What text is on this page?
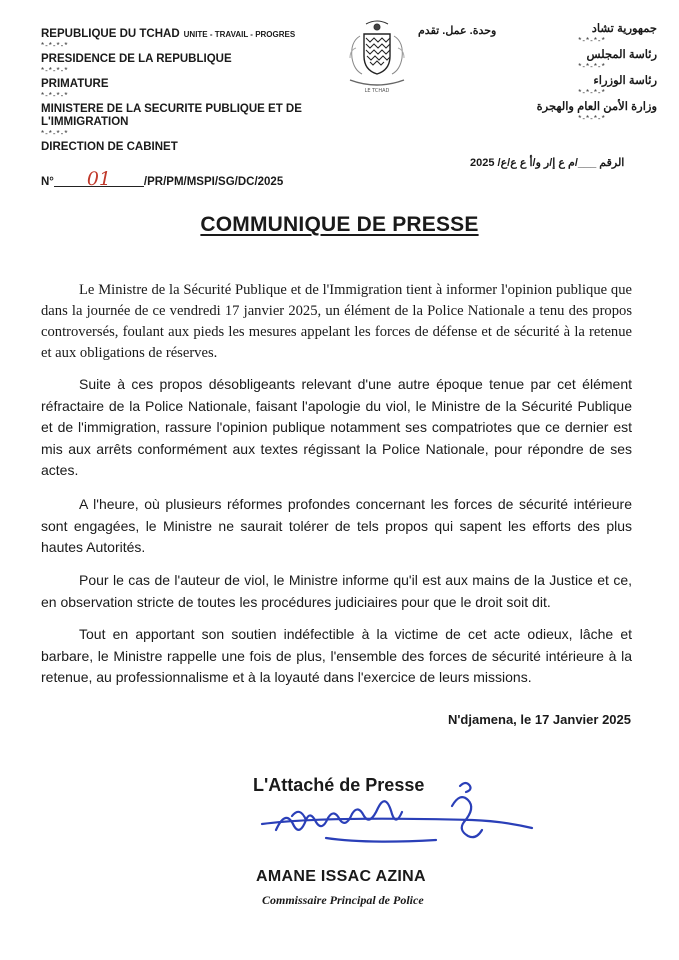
REPUBLIQUE DU TCHAD UNITE - TRAVAIL - PROGRES
*-*-*-*
PRESIDENCE DE LA REPUBLIQUE
*-*-*-*
PRIMATURE
*-*-*-*
MINISTERE DE LA SECURITE PUBLIQUE ET DE L'IMMIGRATION
*-*-*-*
DIRECTION DE CABINET
N° 01	/PR/PM/MSPI/SG/DC/2025
وحدة. عمل. تقدم
LE TCHAD
جمهورية تشاد
*-*-*-*
رئاسة المجلس
*-*-*-*
رئاسة الوزراء
*-*-*-*
وزارة الأمن العام والهجرة
*-*-*-*
الرقم ___/م ع إ/ر و/أ ع ع/ع/ 2025
COMMUNIQUE DE PRESSE

Le Ministre de la Sécurité Publique et de l'Immigration tient à informer l'opinion publique que dans la journée de ce vendredi 17 janvier 2025, un élément de la Police Nationale a tenu des propos controversés, foulant aux pieds les mesures appelant les forces de défense et de sécurité à la retenue et aux obligations de réserves.

Suite à ces propos désobligeants relevant d'une autre époque tenue par cet élément réfractaire de la Police Nationale, faisant l'apologie du viol, le Ministre de la Sécurité Publique et de l'immigration, rassure l'opinion publique notamment ses compatriotes que ce dernier est mis aux arrêts conformément aux textes régissant la Police Nationale, pour répondre de ses actes.

A l'heure, où plusieurs réformes profondes concernant les forces de sécurité intérieure sont engagées, le Ministre ne saurait tolérer de tels propos qui sapent les efforts des plus hautes Autorités.

Pour le cas de l'auteur de viol, le Ministre informe qu'il est aux mains de la Justice et ce, en observation stricte de toutes les procédures judiciaires pour que le droit soit dit.

Tout en apportant son soutien indéfectible à la victime de cet acte odieux, lâche et barbare, le Ministre rappelle une fois de plus, l'ensemble des forces de sécurité intérieure à la retenue, au professionnalisme et à la loyauté dans l'exercice de leurs missions.

N'djamena, le 17 Janvier 2025
L'Attaché de Presse
AMANE ISSAC AZINA
Commissaire Principal de Police
